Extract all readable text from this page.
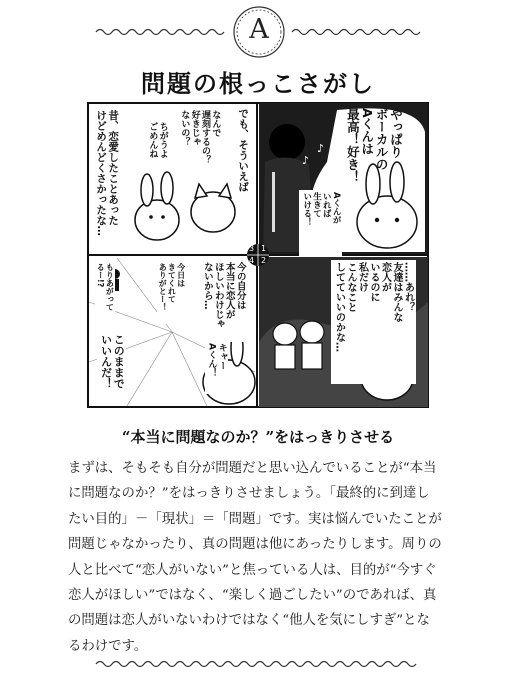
A
問題の根っこさがし
♪
♪
3 1
2
4
やっぱり
ボーカルの
Aくんは
最高！好き！
Aくんが
いれば
生きて
いける！
でも、そういえば
なんで
遅刻するの？
好きじゃ
ないの？
ちがうよ
ごめんね
昔、恋愛したことあった
けどめんどくさかったな…
……あれ？
友達はみんな
恋人が
いるのに
私だけ
こんなこと
してていいのかな…
今の自分は
本当に恋人が
ほしいわけじゃ
ないから…
今日は
きてくれて
ありがとー！
もりあがって
るー!?
キャー
Aくん！
このままで
いいんだ！
“本当に問題なのか？”をはっきりさせる
まずは、そもそも自分が問題だと思い込んでいることが“本当
に問題なのか？”をはっきりさせましょう。「最終的に到達し
たい目的」－「現状」＝「問題」です。実は悩んでいたことが
問題じゃなかったり、真の問題は他にあったりします。周りの
人と比べて“恋人がいない”と焦っている人は、目的が“今すぐ
恋人がほしい”ではなく、“楽しく過ごしたい”のであれば、真
の問題は恋人がいないわけではなく“他人を気にしすぎ”とな
るわけです。
